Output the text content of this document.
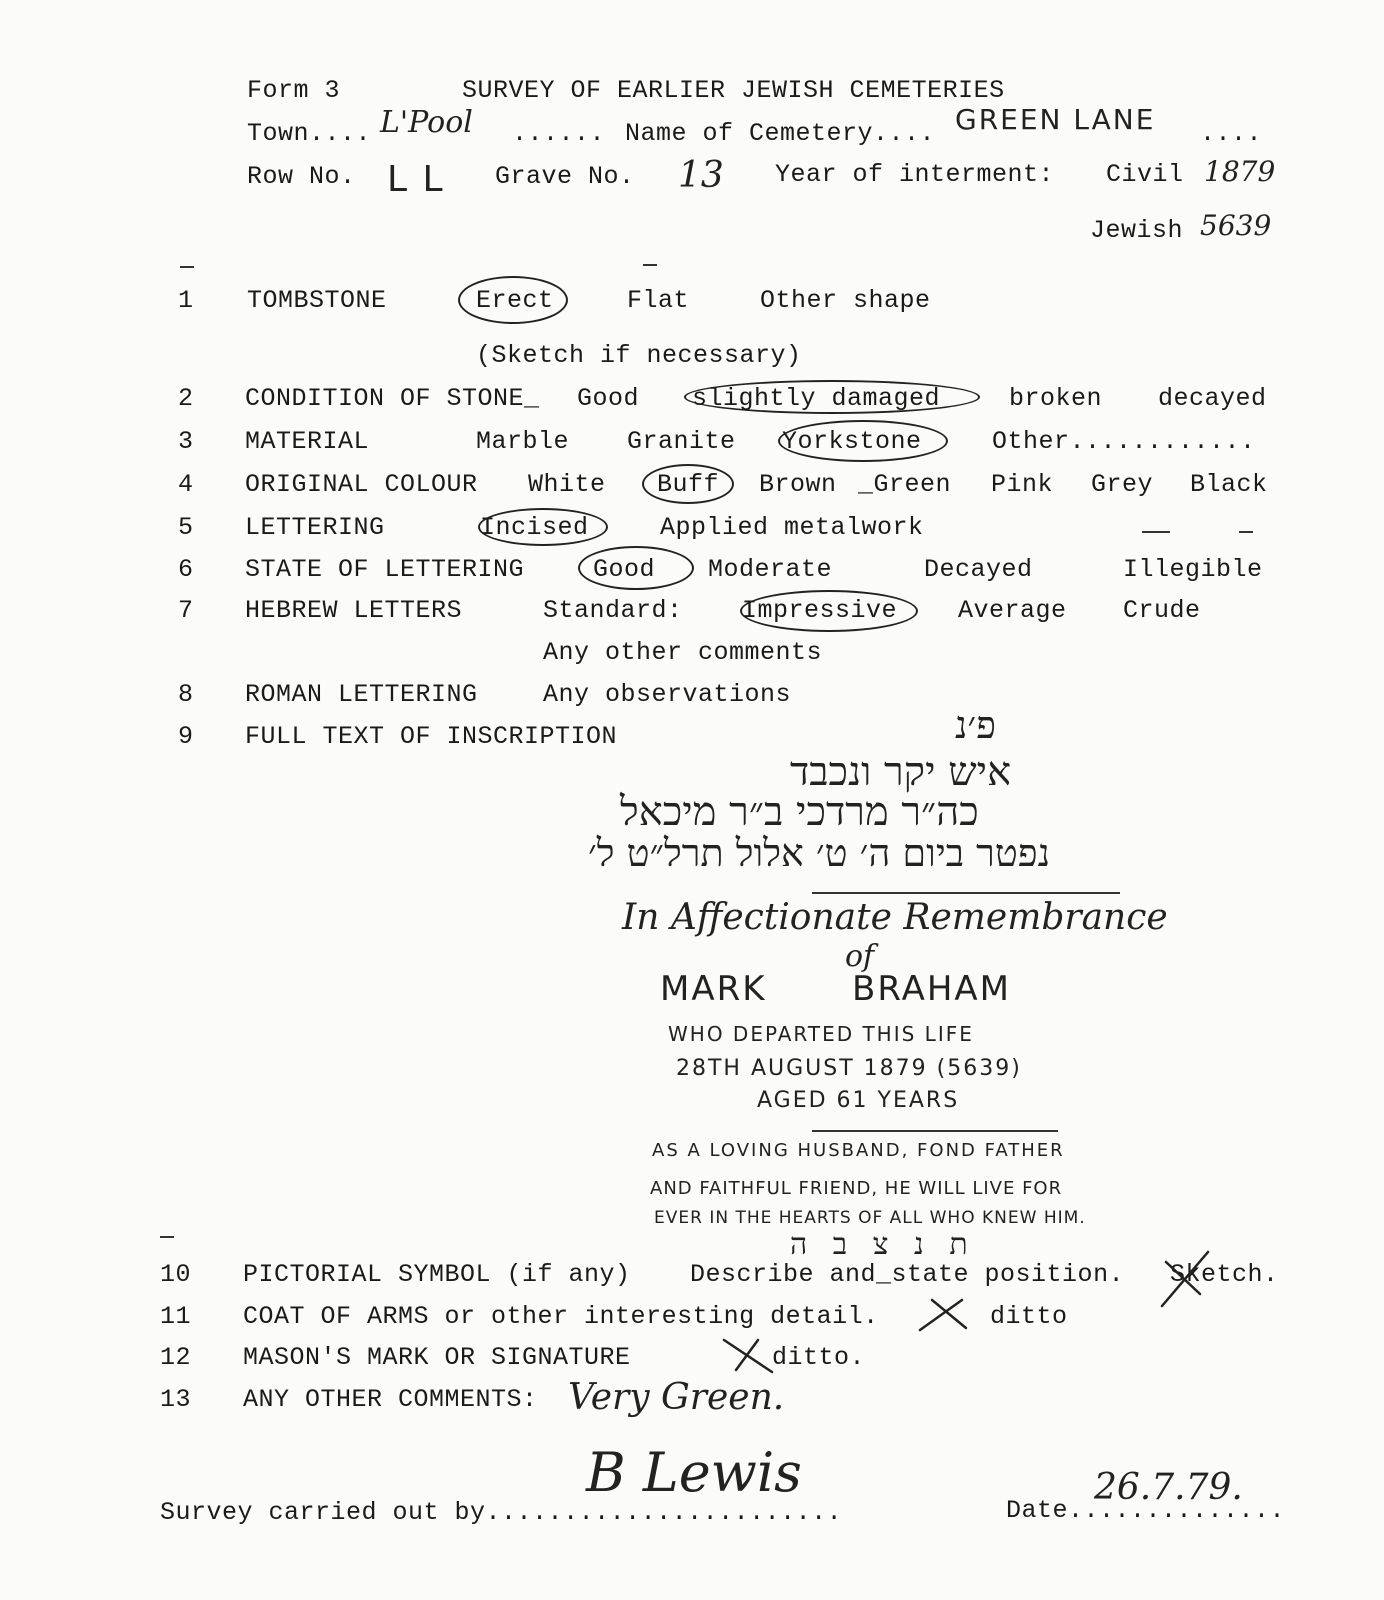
Form 3	SURVEY OF EARLIER JEWISH CEMETERIES
Town.... L'Pool ...... Name of Cemetery.... GREEN LANE ....
Row No. L L Grave No. 13 Year of interment: Civil 1879
Jewish 5639
1 TOMBSTONE	Erect	Flat	Other shape
(Sketch if necessary)
2 CONDITION OF STONE_ Good slightly damaged	broken decayed
3 MATERIAL	Marble Granite Yorkstone	Other............
4 ORIGINAL COLOUR White Buff Brown _Green Pink Grey Black
5 LETTERING	Incised	Applied metalwork
6 STATE OF LETTERING	Good Moderate	Decayed	Illegible
7 HEBREW LETTERS	Standard: Impressive Average Crude
Any other comments
8 ROMAN LETTERING	Any observations
9 FULL TEXT OF INSCRIPTION	פ׳נ
איש יקר ונכבד
כה״ר מרדכי ב״ר מיכאל
נפטר ביום ה׳ ט׳ אלול תרל״ט ל׳
In Affectionate Remembrance
of
MARK	BRAHAM
WHO DEPARTED THIS LIFE
28TH AUGUST 1879 (5639)
AGED 61 YEARS
AS A LOVING HUSBAND, FOND FATHER
AND FAITHFUL FRIEND, HE WILL LIVE FOR
EVER IN THE HEARTS OF ALL WHO KNEW HIM.
ת נ צ ב ה
10 PICTORIAL SYMBOL (if any) Describe and_state position. Sketch.
11 COAT OF ARMS or other interesting detail.	ditto
12 MASON'S MARK OR SIGNATURE	ditto.
13 ANY OTHER COMMENTS: Very Green.
Survey carried out by.......................
B Lewis
Date..............
26.7.79.
